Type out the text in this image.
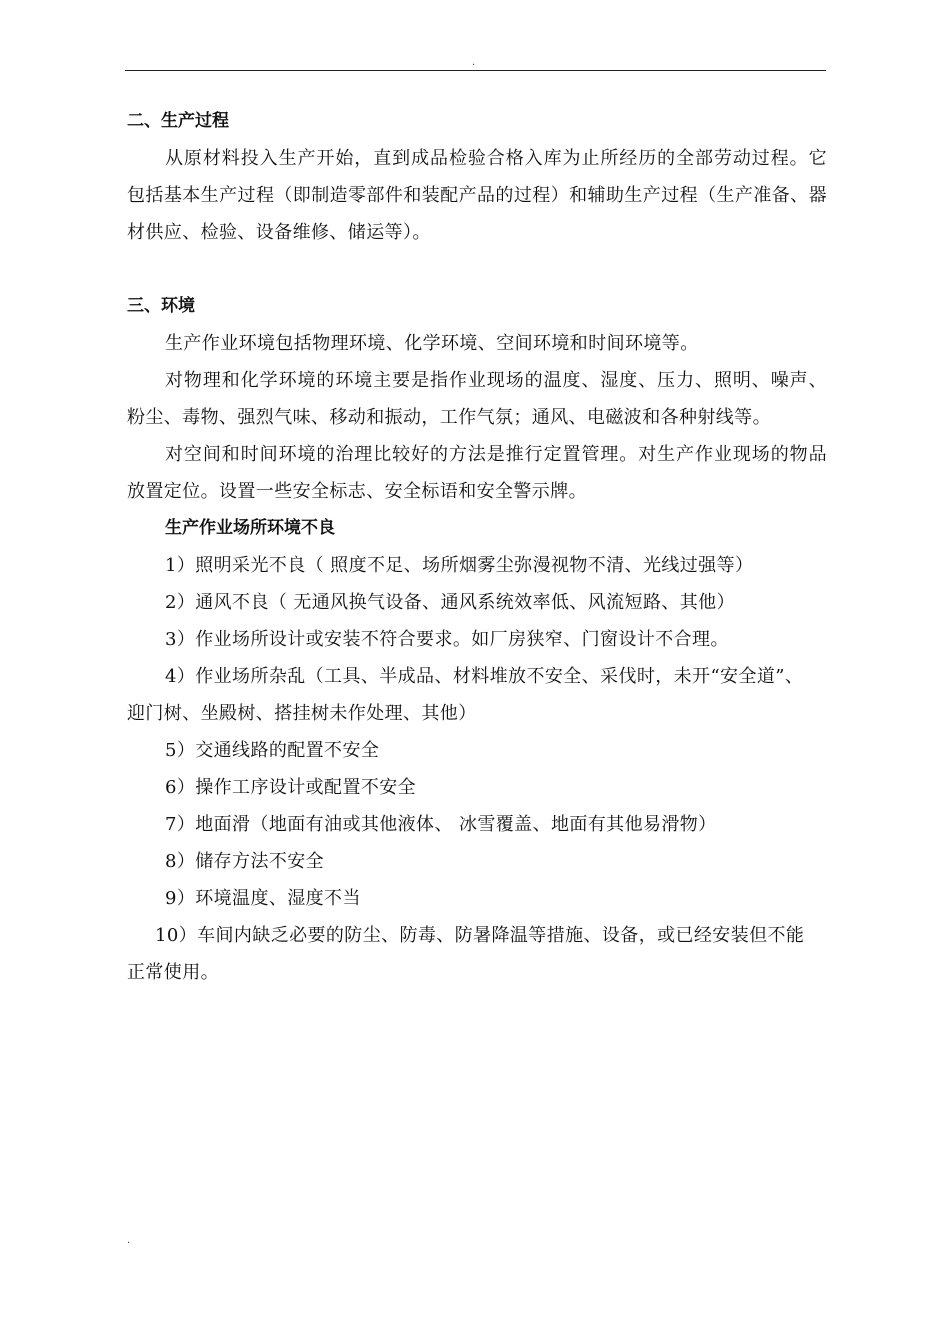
.

二、生产过程

从原材料投入生产开始，直到成品检验合格入库为止所经历的全部劳动过程。它包括基本生产过程（即制造零部件和装配产品的过程）和辅助生产过程（生产准备、器材供应、检验、设备维修、储运等）。

三、环境

生产作业环境包括物理环境、化学环境、空间环境和时间环境等。

对物理和化学环境的环境主要是指作业现场的温度、湿度、压力、照明、噪声、粉尘、毒物、强烈气味、移动和振动，工作气氛；通风、电磁波和各种射线等。

对空间和时间环境的治理比较好的方法是推行定置管理。对生产作业现场的物品放置定位。设置一些安全标志、安全标语和安全警示牌。

生产作业场所环境不良

1）照明采光不良（ 照度不足、场所烟雾尘弥漫视物不清、光线过强等）
2）通风不良（ 无通风换气设备、通风系统效率低、风流短路、其他）
3）作业场所设计或安装不符合要求。如厂房狭窄、门窗设计不合理。
4）作业场所杂乱（工具、半成品、材料堆放不安全、采伐时，未开“安全道”、
迎门树、坐殿树、搭挂树未作处理、其他）
5）交通线路的配置不安全
6）操作工序设计或配置不安全
7）地面滑（地面有油或其他液体、 冰雪覆盖、地面有其他易滑物）
8）储存方法不安全
9）环境温度、湿度不当
10）车间内缺乏必要的防尘、防毒、防暑降温等措施、设备，或已经安装但不能
正常使用。
.
